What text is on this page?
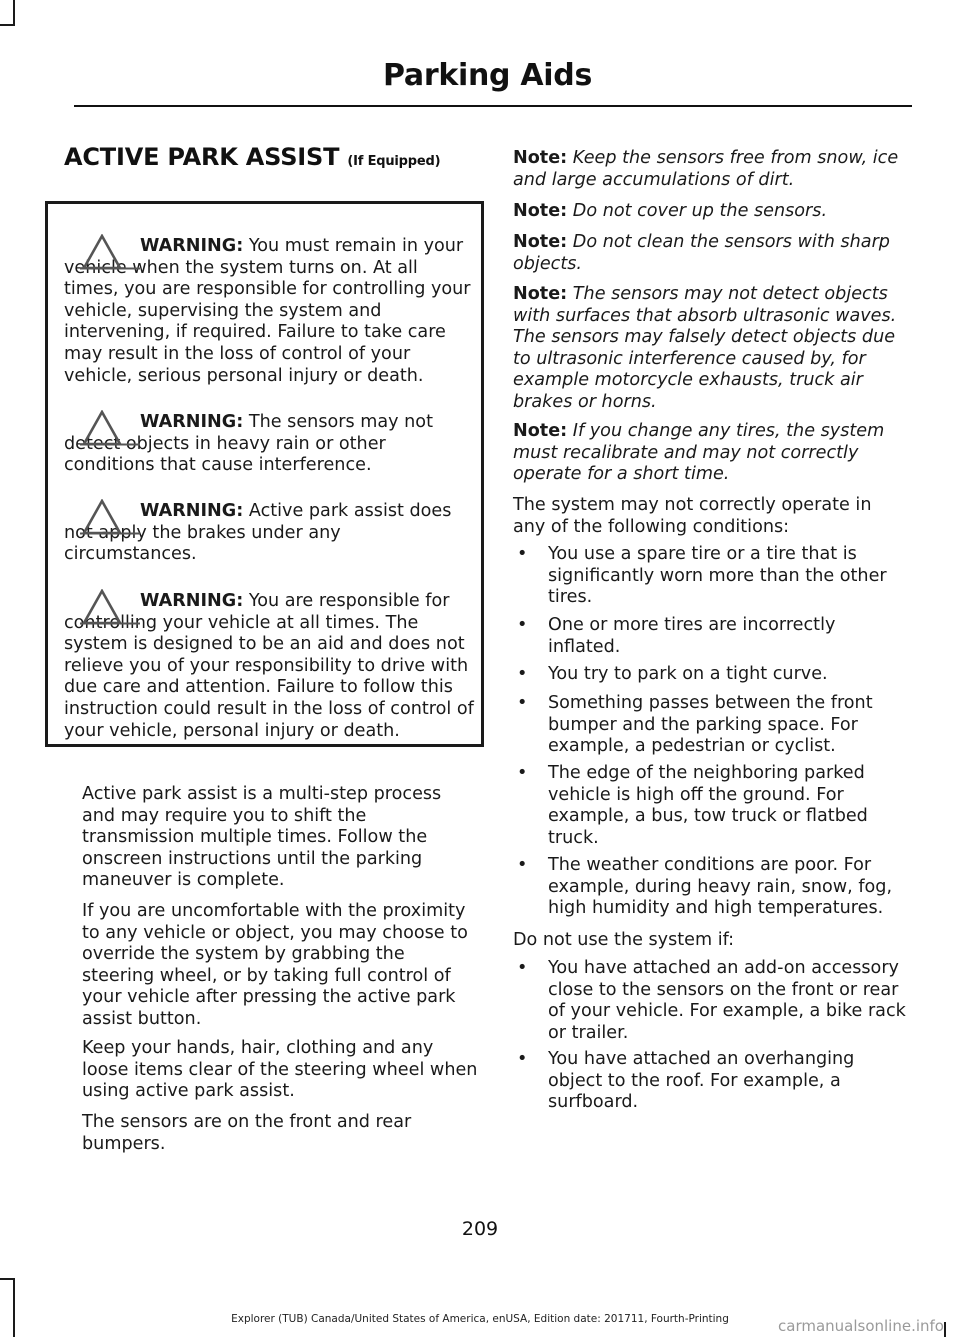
Parking Aids
ACTIVE PARK ASSIST (If Equipped)
WARNING: You must remain in your vehicle when the system turns on. At all times, you are responsible for controlling your vehicle, supervising the system and intervening, if required. Failure to take care may result in the loss of control of your vehicle, serious personal injury or death.
WARNING: The sensors may not detect objects in heavy rain or other conditions that cause interference.
WARNING: Active park assist does not apply the brakes under any circumstances.
WARNING: You are responsible for controlling your vehicle at all times. The system is designed to be an aid and does not relieve you of your responsibility to drive with due care and attention. Failure to follow this instruction could result in the loss of control of your vehicle, personal injury or death.
Active park assist is a multi-step process and may require you to shift the transmission multiple times. Follow the onscreen instructions until the parking maneuver is complete.
If you are uncomfortable with the proximity to any vehicle or object, you may choose to override the system by grabbing the steering wheel, or by taking full control of your vehicle after pressing the active park assist button.
Keep your hands, hair, clothing and any loose items clear of the steering wheel when using active park assist.
The sensors are on the front and rear bumpers.
Note: Keep the sensors free from snow, ice and large accumulations of dirt.
Note: Do not cover up the sensors.
Note: Do not clean the sensors with sharp objects.
Note: The sensors may not detect objects with surfaces that absorb ultrasonic waves. The sensors may falsely detect objects due to ultrasonic interference caused by, for example motorcycle exhausts, truck air brakes or horns.
Note: If you change any tires, the system must recalibrate and may not correctly operate for a short time.
The system may not correctly operate in any of the following conditions:
• You use a spare tire or a tire that is significantly worn more than the other tires.
• One or more tires are incorrectly inflated.
• You try to park on a tight curve.
• Something passes between the front bumper and the parking space. For example, a pedestrian or cyclist.
• The edge of the neighboring parked vehicle is high off the ground. For example, a bus, tow truck or flatbed truck.
• The weather conditions are poor. For example, during heavy rain, snow, fog, high humidity and high temperatures.
Do not use the system if:
• You have attached an add-on accessory close to the sensors on the front or rear of your vehicle. For example, a bike rack or trailer.
• You have attached an overhanging object to the roof. For example, a surfboard.
209
Explorer (TUB) Canada/United States of America, enUSA, Edition date: 201711, Fourth-Printing	carmanualsonline.info
